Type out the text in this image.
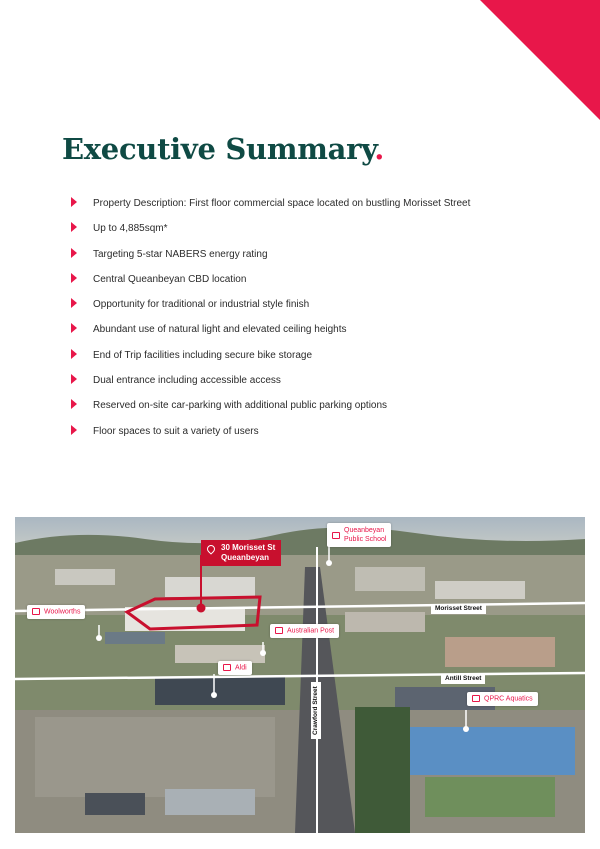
Executive Summary.
Property Description: First floor commercial space located on bustling Morisset Street
Up to 4,885sqm*
Targeting 5-star NABERS energy rating
Central Queanbeyan CBD location
Opportunity for traditional or industrial style finish
Abundant use of natural light and elevated ceiling heights
End of Trip facilities including secure bike storage
Dual entrance including accessible access
Reserved on-site car-parking with additional public parking options
Floor spaces to suit a variety of users
30 Morisset St
Queanbeyan
Queanbeyan
Public School
Woolworths
Australian Post
Aldi
QPRC Aquatics
Morisset Street
Antill Street
Crawford Street
